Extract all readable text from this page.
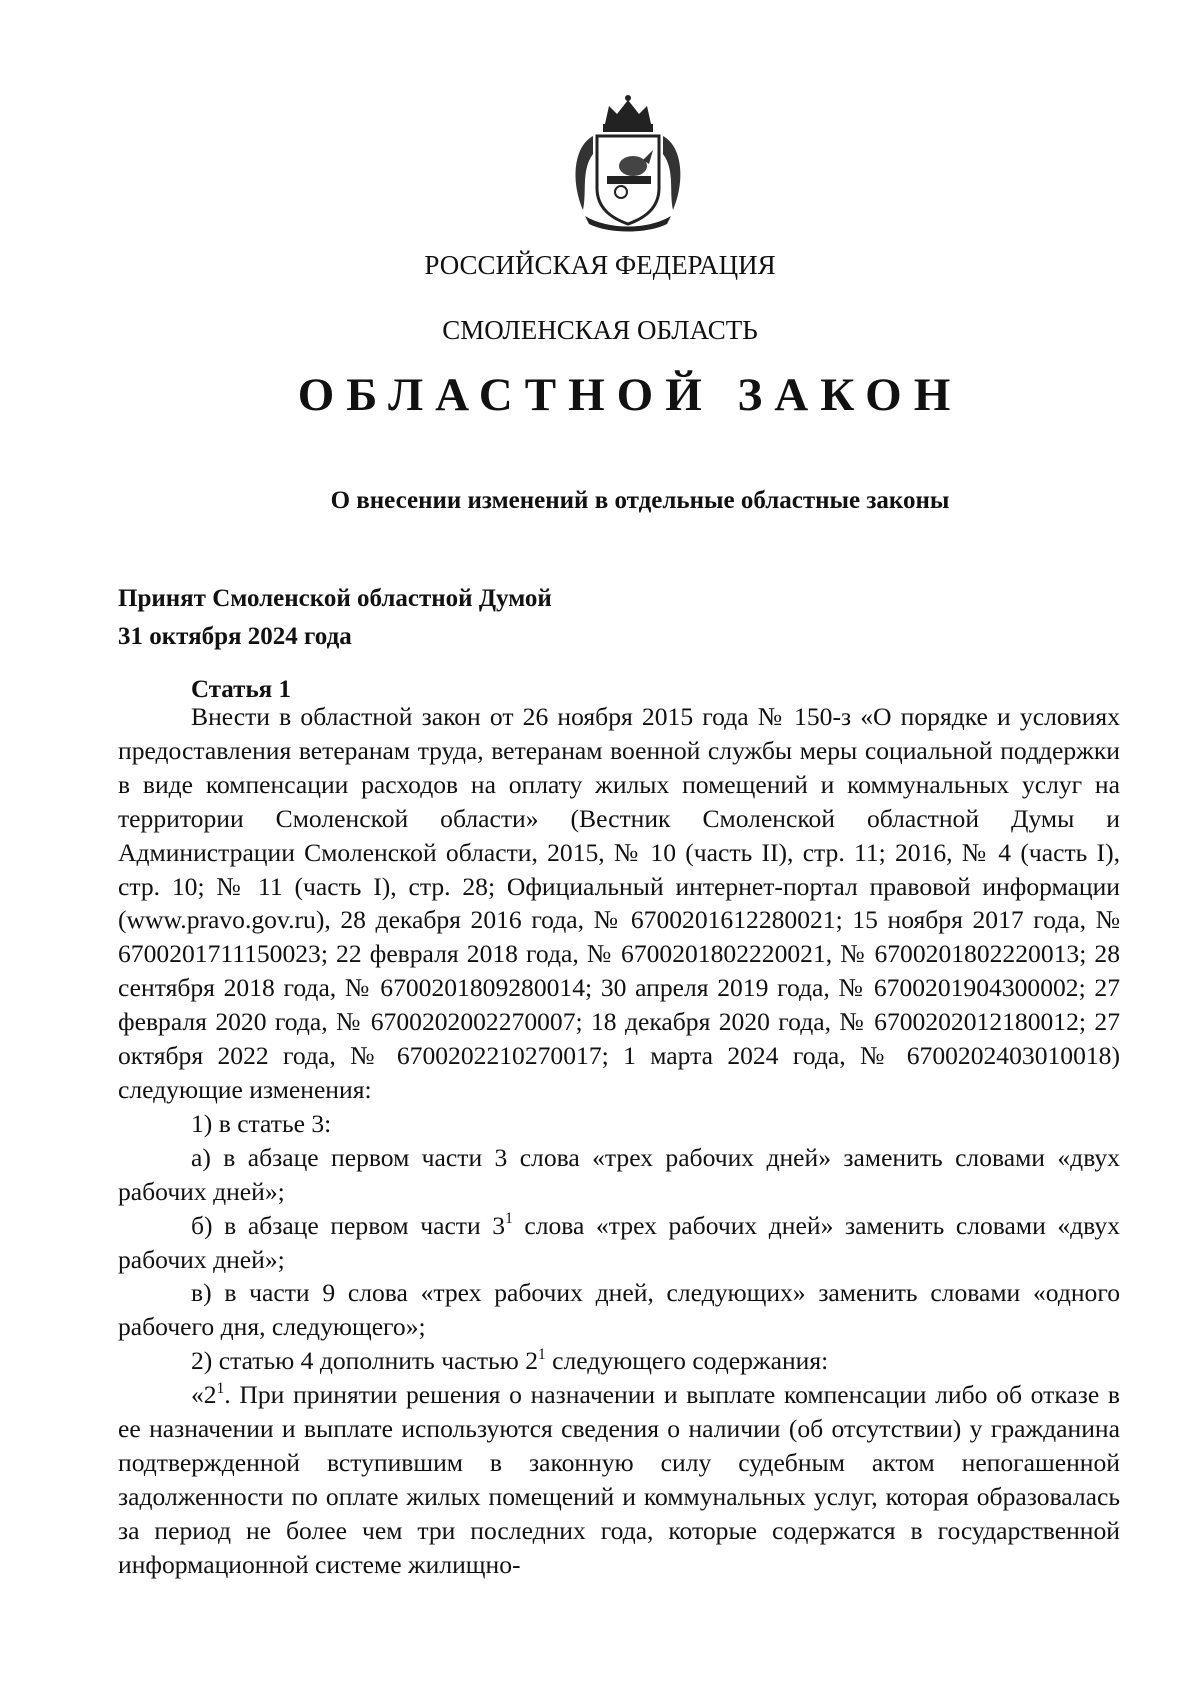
РОССИЙСКАЯ ФЕДЕРАЦИЯ
СМОЛЕНСКАЯ ОБЛАСТЬ
ОБЛАСТНОЙ ЗАКОН
О внесении изменений в отдельные областные законы
Принят Смоленской областной Думой
31 октября 2024 года
Статья 1

Внести в областной закон от 26 ноября 2015 года № 150-з «О порядке и условиях предоставления ветеранам труда, ветеранам военной службы меры социальной поддержки в виде компенсации расходов на оплату жилых помещений и коммунальных услуг на территории Смоленской области» (Вестник Смоленской областной Думы и Администрации Смоленской области, 2015, № 10 (часть II), стр. 11; 2016, № 4 (часть I), стр. 10; № 11 (часть I), стр. 28; Официальный интернет-портал правовой информации (www.pravo.gov.ru), 28 декабря 2016 года, № 6700201612280021; 15 ноября 2017 года, № 6700201711150023; 22 февраля 2018 года, № 6700201802220021, № 6700201802220013; 28 сентября 2018 года, № 6700201809280014; 30 апреля 2019 года, № 6700201904300002; 27 февраля 2020 года, № 6700202002270007; 18 декабря 2020 года, № 6700202012180012; 27 октября 2022 года, № 6700202210270017; 1 марта 2024 года, № 6700202403010018) следующие изменения:

1) в статье 3:

а) в абзаце первом части 3 слова «трех рабочих дней» заменить словами «двух рабочих дней»;

б) в абзаце первом части $3^1$ слова «трех рабочих дней» заменить словами «двух рабочих дней»;

в) в части 9 слова «трех рабочих дней, следующих» заменить словами «одного рабочего дня, следующего»;

2) статью 4 дополнить частью $2^1$ следующего содержания:

«$2^1$. При принятии решения о назначении и выплате компенсации либо об отказе в ее назначении и выплате используются сведения о наличии (об отсутствии) у гражданина подтвержденной вступившим в законную силу судебным актом непогашенной задолженности по оплате жилых помещений и коммунальных услуг, которая образовалась за период не более чем три последних года, которые содержатся в государственной информационной системе жилищно-
